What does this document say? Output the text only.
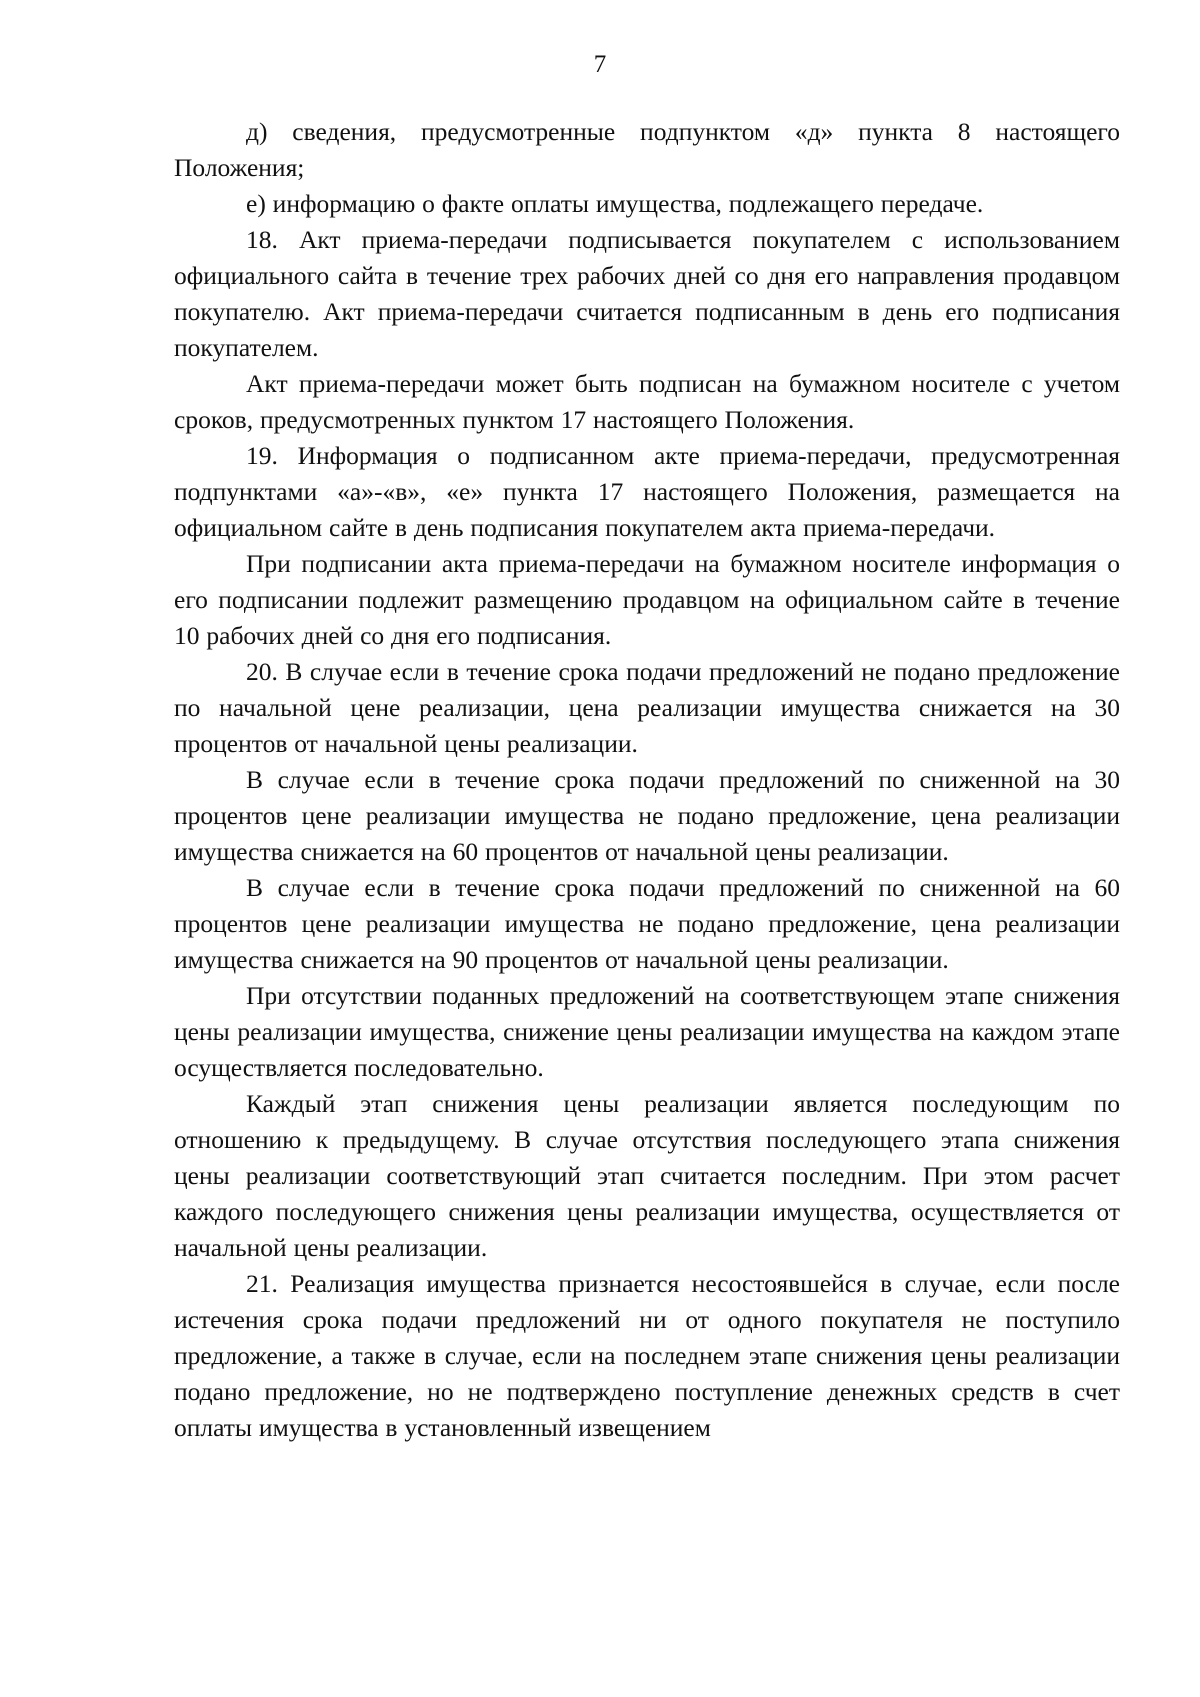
7

д) сведения, предусмотренные подпунктом «д» пункта 8 настоящего Положения;

е) информацию о факте оплаты имущества, подлежащего передаче.

18. Акт приема-передачи подписывается покупателем с использованием официального сайта в течение трех рабочих дней со дня его направления продавцом покупателю. Акт приема-передачи считается подписанным в день его подписания покупателем.

Акт приема-передачи может быть подписан на бумажном носителе с учетом сроков, предусмотренных пунктом 17 настоящего Положения.

19. Информация о подписанном акте приема-передачи, предусмотренная подпунктами «а»-«в», «е» пункта 17 настоящего Положения, размещается на официальном сайте в день подписания покупателем акта приема-передачи.

При подписании акта приема-передачи на бумажном носителе информация о его подписании подлежит размещению продавцом на официальном сайте в течение 10 рабочих дней со дня его подписания.

20. В случае если в течение срока подачи предложений не подано предложение по начальной цене реализации, цена реализации имущества снижается на 30 процентов от начальной цены реализации.

В случае если в течение срока подачи предложений по сниженной на 30 процентов цене реализации имущества не подано предложение, цена реализации имущества снижается на 60 процентов от начальной цены реализации.

В случае если в течение срока подачи предложений по сниженной на 60 процентов цене реализации имущества не подано предложение, цена реализации имущества снижается на 90 процентов от начальной цены реализации.

При отсутствии поданных предложений на соответствующем этапе снижения цены реализации имущества, снижение цены реализации имущества на каждом этапе осуществляется последовательно.

Каждый этап снижения цены реализации является последующим по отношению к предыдущему. В случае отсутствия последующего этапа снижения цены реализации соответствующий этап считается последним. При этом расчет каждого последующего снижения цены реализации имущества, осуществляется от начальной цены реализации.

21. Реализация имущества признается несостоявшейся в случае, если после истечения срока подачи предложений ни от одного покупателя не поступило предложение, а также в случае, если на последнем этапе снижения цены реализации подано предложение, но не подтверждено поступление денежных средств в счет оплаты имущества в установленный извещением
